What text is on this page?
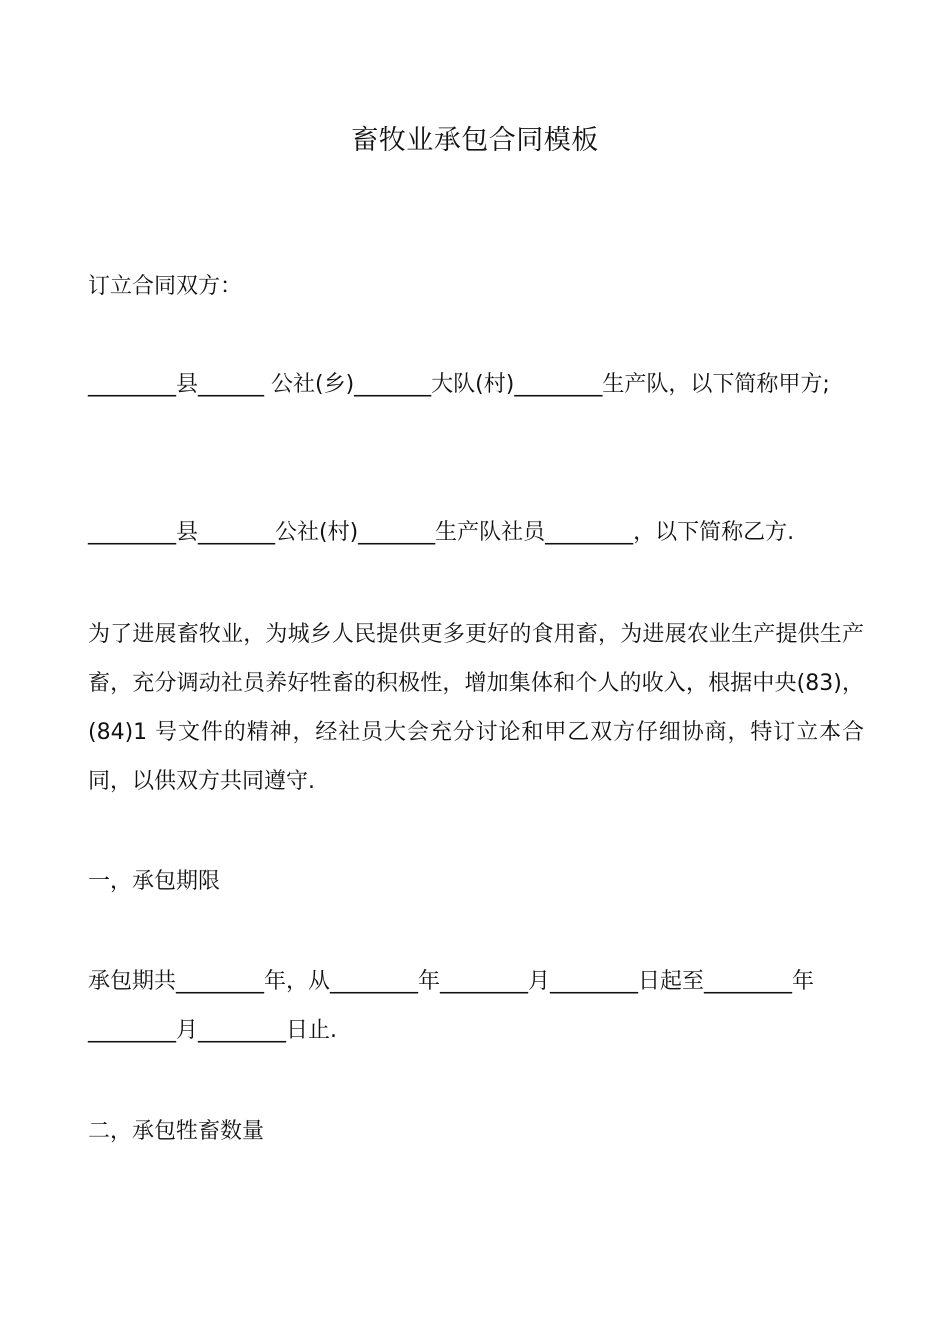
畜牧业承包合同模板
订立合同双方：
________县______ 公社(乡)_______大队(村)________生产队，以下简称甲方;
________县_______公社(村)_______生产队社员________，以下简称乙方.
为了进展畜牧业，为城乡人民提供更多更好的食用畜，为进展农业生产提供生产畜，充分调动社员养好牲畜的积极性，增加集体和个人的收入，根据中央(83)，(84)1 号文件的精神，经社员大会充分讨论和甲乙双方仔细协商，特订立本合同，以供双方共同遵守.
一，承包期限
承包期共________年，从________年________月________日起至________年________月________日止.
二，承包牲畜数量
